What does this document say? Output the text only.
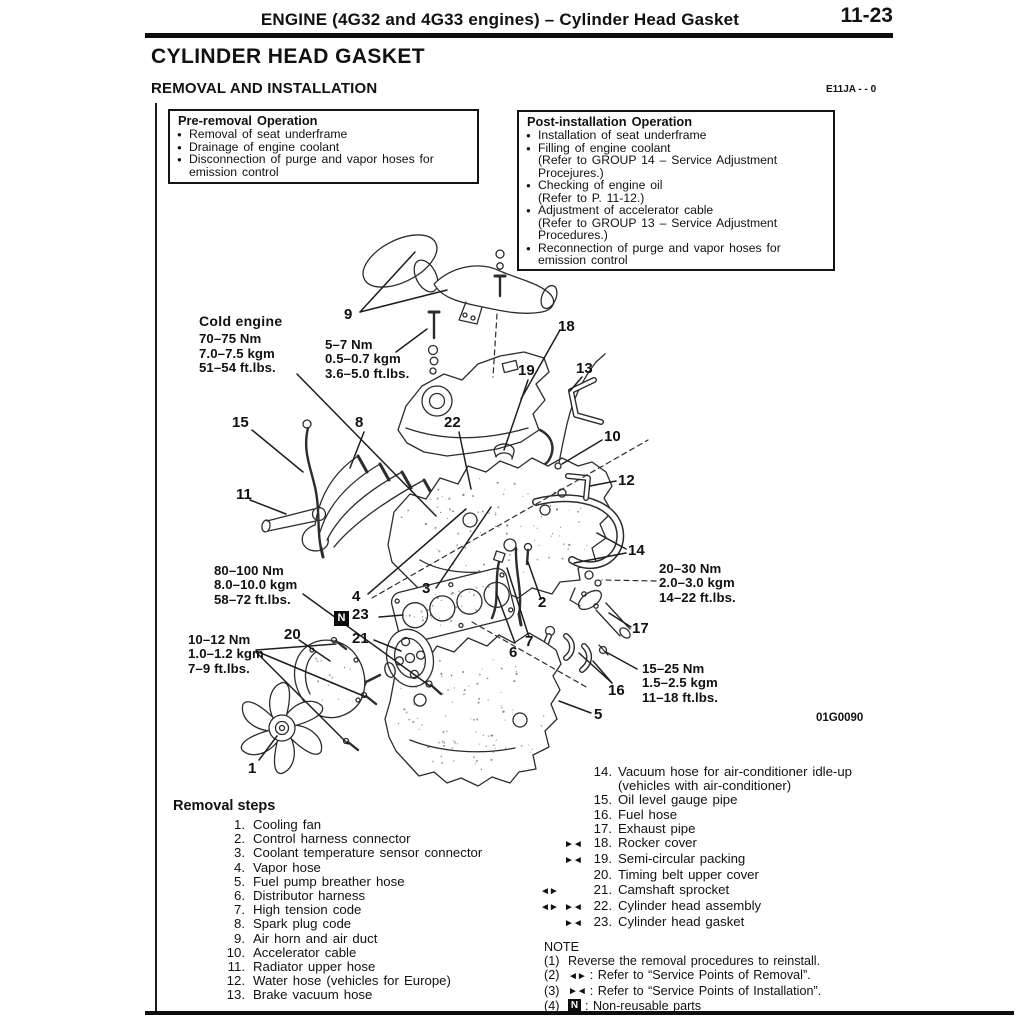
ENGINE (4G32 and 4G33 engines) – Cylinder Head Gasket	11-23
CYLINDER HEAD GASKET
REMOVAL AND INSTALLATION	E11JA - - 0
Pre-removal Operation
● Removal of seat underframe
● Drainage of engine coolant
● Disconnection of purge and vapor hoses for
emission control
Post-installation Operation
● Installation of seat underframe
● Filling of engine coolant
(Refer to GROUP 14 – Service Adjustment
Procejures.)
● Checking of engine oil
(Refer to P. 11-12.)
● Adjustment of accelerator cable
(Refer to GROUP 13 – Service Adjustment
Procedures.)
● Reconnection of purge and vapor hoses for
emission control
Cold engine
70–75 Nm
7.0–7.5 kgm
51–54 ft.lbs.
5–7 Nm
0.5–0.7 kgm
3.6–5.0 ft.lbs.
80–100 Nm
8.0–10.0 kgm
58–72 ft.lbs.
10–12 Nm
1.0–1.2 kgm
7–9 ft.lbs.
20–30 Nm
2.0–3.0 kgm
14–22 ft.lbs.
15–25 Nm
1.5–2.5 kgm
11–18 ft.lbs.
1
2
3
4
5
6
7
8
9
10
11
12
13
14
15
16
17
18
19
20	21
22
N 23
01G0090
Removal steps
1. Cooling fan
2. Control harness connector
3. Coolant temperature sensor connector
4. Vapor hose
5. Fuel pump breather hose
6. Distributor harness
7. High tension code
8. Spark plug code
9. Air horn and air duct
10. Accelerator cable
11. Radiator upper hose
12. Water hose (vehicles for Europe)
13. Brake vacuum hose
14. Vacuum hose for air-conditioner idle-up
(vehicles with air-conditioner)
15. Oil level gauge pipe
16. Fuel hose
17. Exhaust pipe
►◄ 18. Rocker cover
►◄ 19. Semi-circular packing
20. Timing belt upper cover
◄►	21. Camshaft sprocket
◄► ►◄ 22. Cylinder head assembly
►◄ 23. Cylinder head gasket
NOTE
(1) Reverse the removal procedures to reinstall.
(2) ◄► : Refer to “Service Points of Removal”.
(3) ►◄ : Refer to “Service Points of Installation”.
(4)	N : Non-reusable parts
